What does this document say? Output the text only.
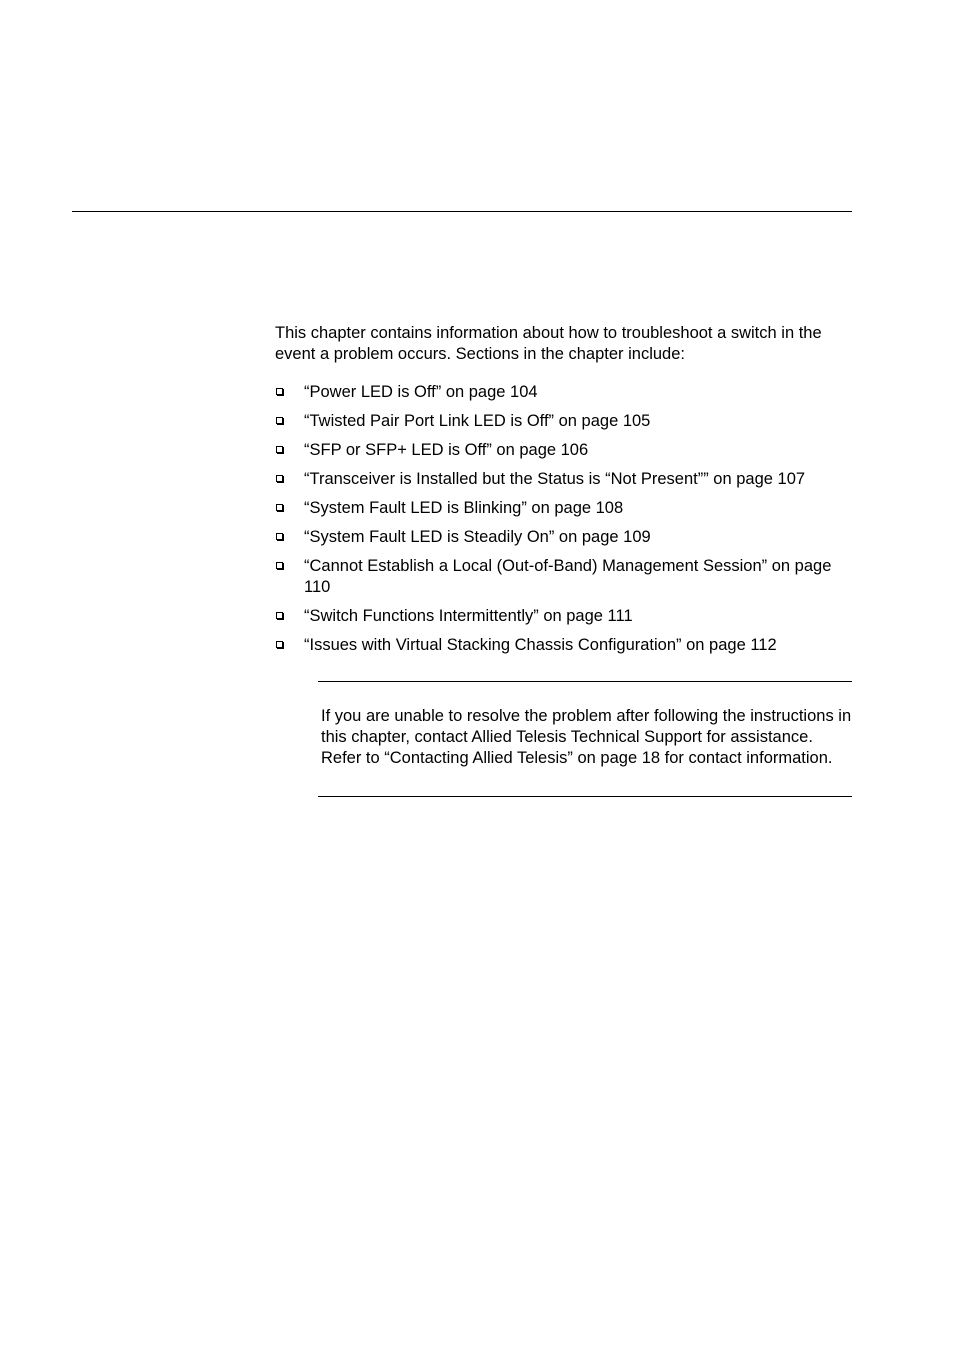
This chapter contains information about how to troubleshoot a switch in the event a problem occurs. Sections in the chapter include:

“Power LED is Off” on page 104
“Twisted Pair Port Link LED is Off” on page 105
“SFP or SFP+ LED is Off” on page 106
“Transceiver is Installed but the Status is “Not Present”” on page 107
“System Fault LED is Blinking” on page 108
“System Fault LED is Steadily On” on page 109
“Cannot Establish a Local (Out-of-Band) Management Session” on page 110
“Switch Functions Intermittently” on page 111
“Issues with Virtual Stacking Chassis Configuration” on page 112

If you are unable to resolve the problem after following the instructions in this chapter, contact Allied Telesis Technical Support for assistance. Refer to “Contacting Allied Telesis” on page 18 for contact information.
